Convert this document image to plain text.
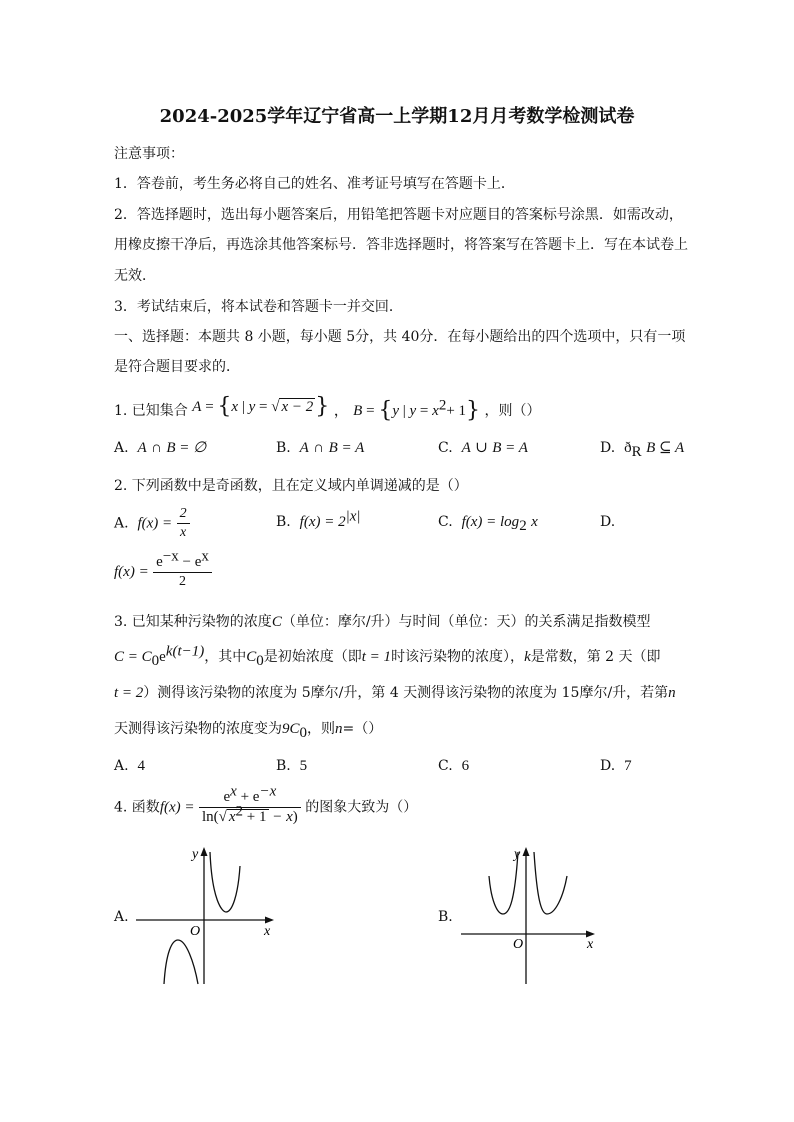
2024-2025学年辽宁省高一上学期12月月考数学检测试卷
注意事项：
1．答卷前，考生务必将自己的姓名、准考证号填写在答题卡上．
2．答选择题时，选出每小题答案后，用铅笔把答题卡对应题目的答案标号涂黑．如需改动，
用橡皮擦干净后，再选涂其他答案标号．答非选择题时，将答案写在答题卡上．写在本试卷上
无效．
3．考试结束后，将本试卷和答题卡一并交回．
一、选择题：本题共 8 小题，每小题 5分，共 40分．在每小题给出的四个选项中，只有一项
是符合题目要求的．
1. 已知集合 A = {x | y = √ x − 2} ， B = {y | $y = x^2+ 1$} ，则（）
A. A ∩ B = ∅	B. A ∩ B = A	C. A ∪ B = A	D. $ð_R$ B ⊆ A
2. 下列函数中是奇函数，且在定义域内单调递减的是（）
A. $f(x) = \frac{2}{x}$	B. $f(x) = 2^{|x|}$	C. $f(x) = \log_2 x$	D.
$f(x) = \frac{e^{-x} - e^x}{2}$
3. 已知某种污染物的浓度C（单位：摩尔/升）与时间（单位：天）的关系满足指数模型
$C = C_0e^{k(t-1)}$，其中$C_0$是初始浓度（即t = 1时该污染物的浓度），k是常数，第 2 天（即
t = 2）测得该污染物的浓度为 5摩尔/升，第 4 天测得该污染物的浓度为 15摩尔/升，若第n
天测得该污染物的浓度变为$9C_0$，则n=（）
A. 4	B. 5	C. 6	D. 7
4. 函数$f(x) = \frac{e^x + e^{-x}}{\ln(√ x^2 + 1 - x)}$ 的图象大致为（）
A.
y
x
O
B.
y
x
O
